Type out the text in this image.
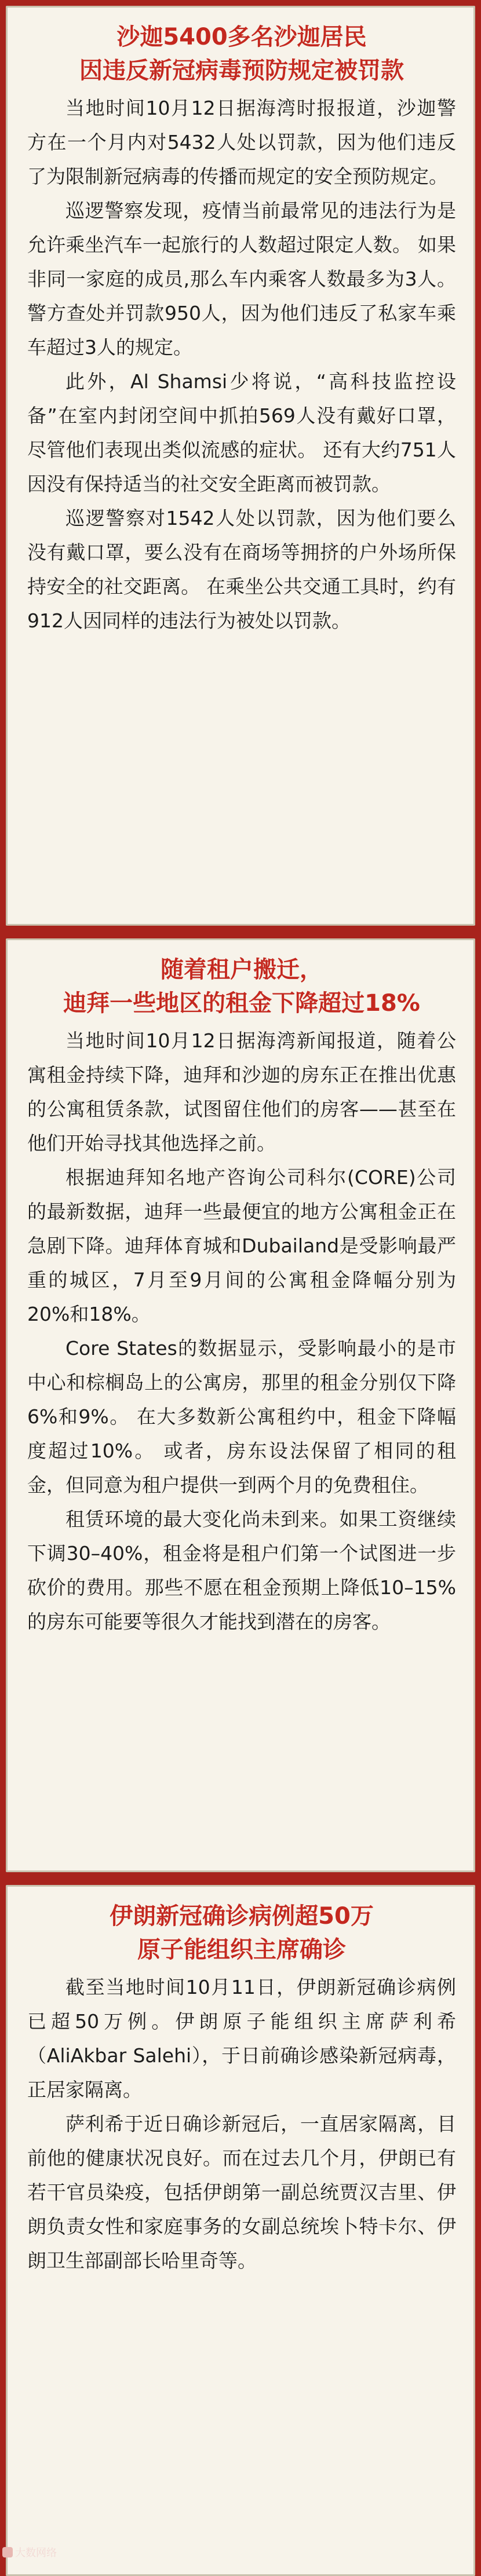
沙迦5400多名沙迦居民
因违反新冠病毒预防规定被罚款

当地时间10月12日据海湾时报报道，沙迦警方在一个月内对5432人处以罚款，因为他们违反了为限制新冠病毒的传播而规定的安全预防规定。

巡逻警察发现，疫情当前最常见的违法行为是允许乘坐汽车一起旅行的人数超过限定人数。 如果非同一家庭的成员,那么车内乘客人数最多为3人。警方查处并罚款950人，因为他们违反了私家车乘车超过3人的规定。

此外，Al Shamsi少将说，“高科技监控设备”在室内封闭空间中抓拍569人没有戴好口罩，尽管他们表现出类似流感的症状。 还有大约751人因没有保持适当的社交安全距离而被罚款。

巡逻警察对1542人处以罚款，因为他们要么没有戴口罩，要么没有在商场等拥挤的户外场所保持安全的社交距离。 在乘坐公共交通工具时，约有912人因同样的违法行为被处以罚款。

随着租户搬迁，
迪拜一些地区的租金下降超过18%

当地时间10月12日据海湾新闻报道，随着公寓租金持续下降，迪拜和沙迦的房东正在推出优惠的公寓租赁条款，试图留住他们的房客——甚至在他们开始寻找其他选择之前。

根据迪拜知名地产咨询公司科尔(CORE)公司的最新数据，迪拜一些最便宜的地方公寓租金正在急剧下降。迪拜体育城和Dubailand是受影响最严重的城区，7月至9月间的公寓租金降幅分别为20%和18%。

Core States的数据显示，受影响最小的是市中心和棕榈岛上的公寓房，那里的租金分别仅下降6%和9%。 在大多数新公寓租约中，租金下降幅度超过10%。 或者，房东设法保留了相同的租金，但同意为租户提供一到两个月的免费租住。

租赁环境的最大变化尚未到来。如果工资继续下调30–40%，租金将是租户们第一个试图进一步砍价的费用。那些不愿在租金预期上降低10–15%的房东可能要等很久才能找到潜在的房客。

伊朗新冠确诊病例超50万
原子能组织主席确诊

截至当地时间10月11日，伊朗新冠确诊病例已超50万例。伊朗原子能组织主席萨利希（AliAkbar Salehi），于日前确诊感染新冠病毒，正居家隔离。

萨利希于近日确诊新冠后，一直居家隔离，目前他的健康状况良好。而在过去几个月，伊朗已有若干官员染疫，包括伊朗第一副总统贾汉吉里、伊朗负责女性和家庭事务的女副总统埃卜特卡尔、伊朗卫生部副部长哈里奇等。

大数网络
